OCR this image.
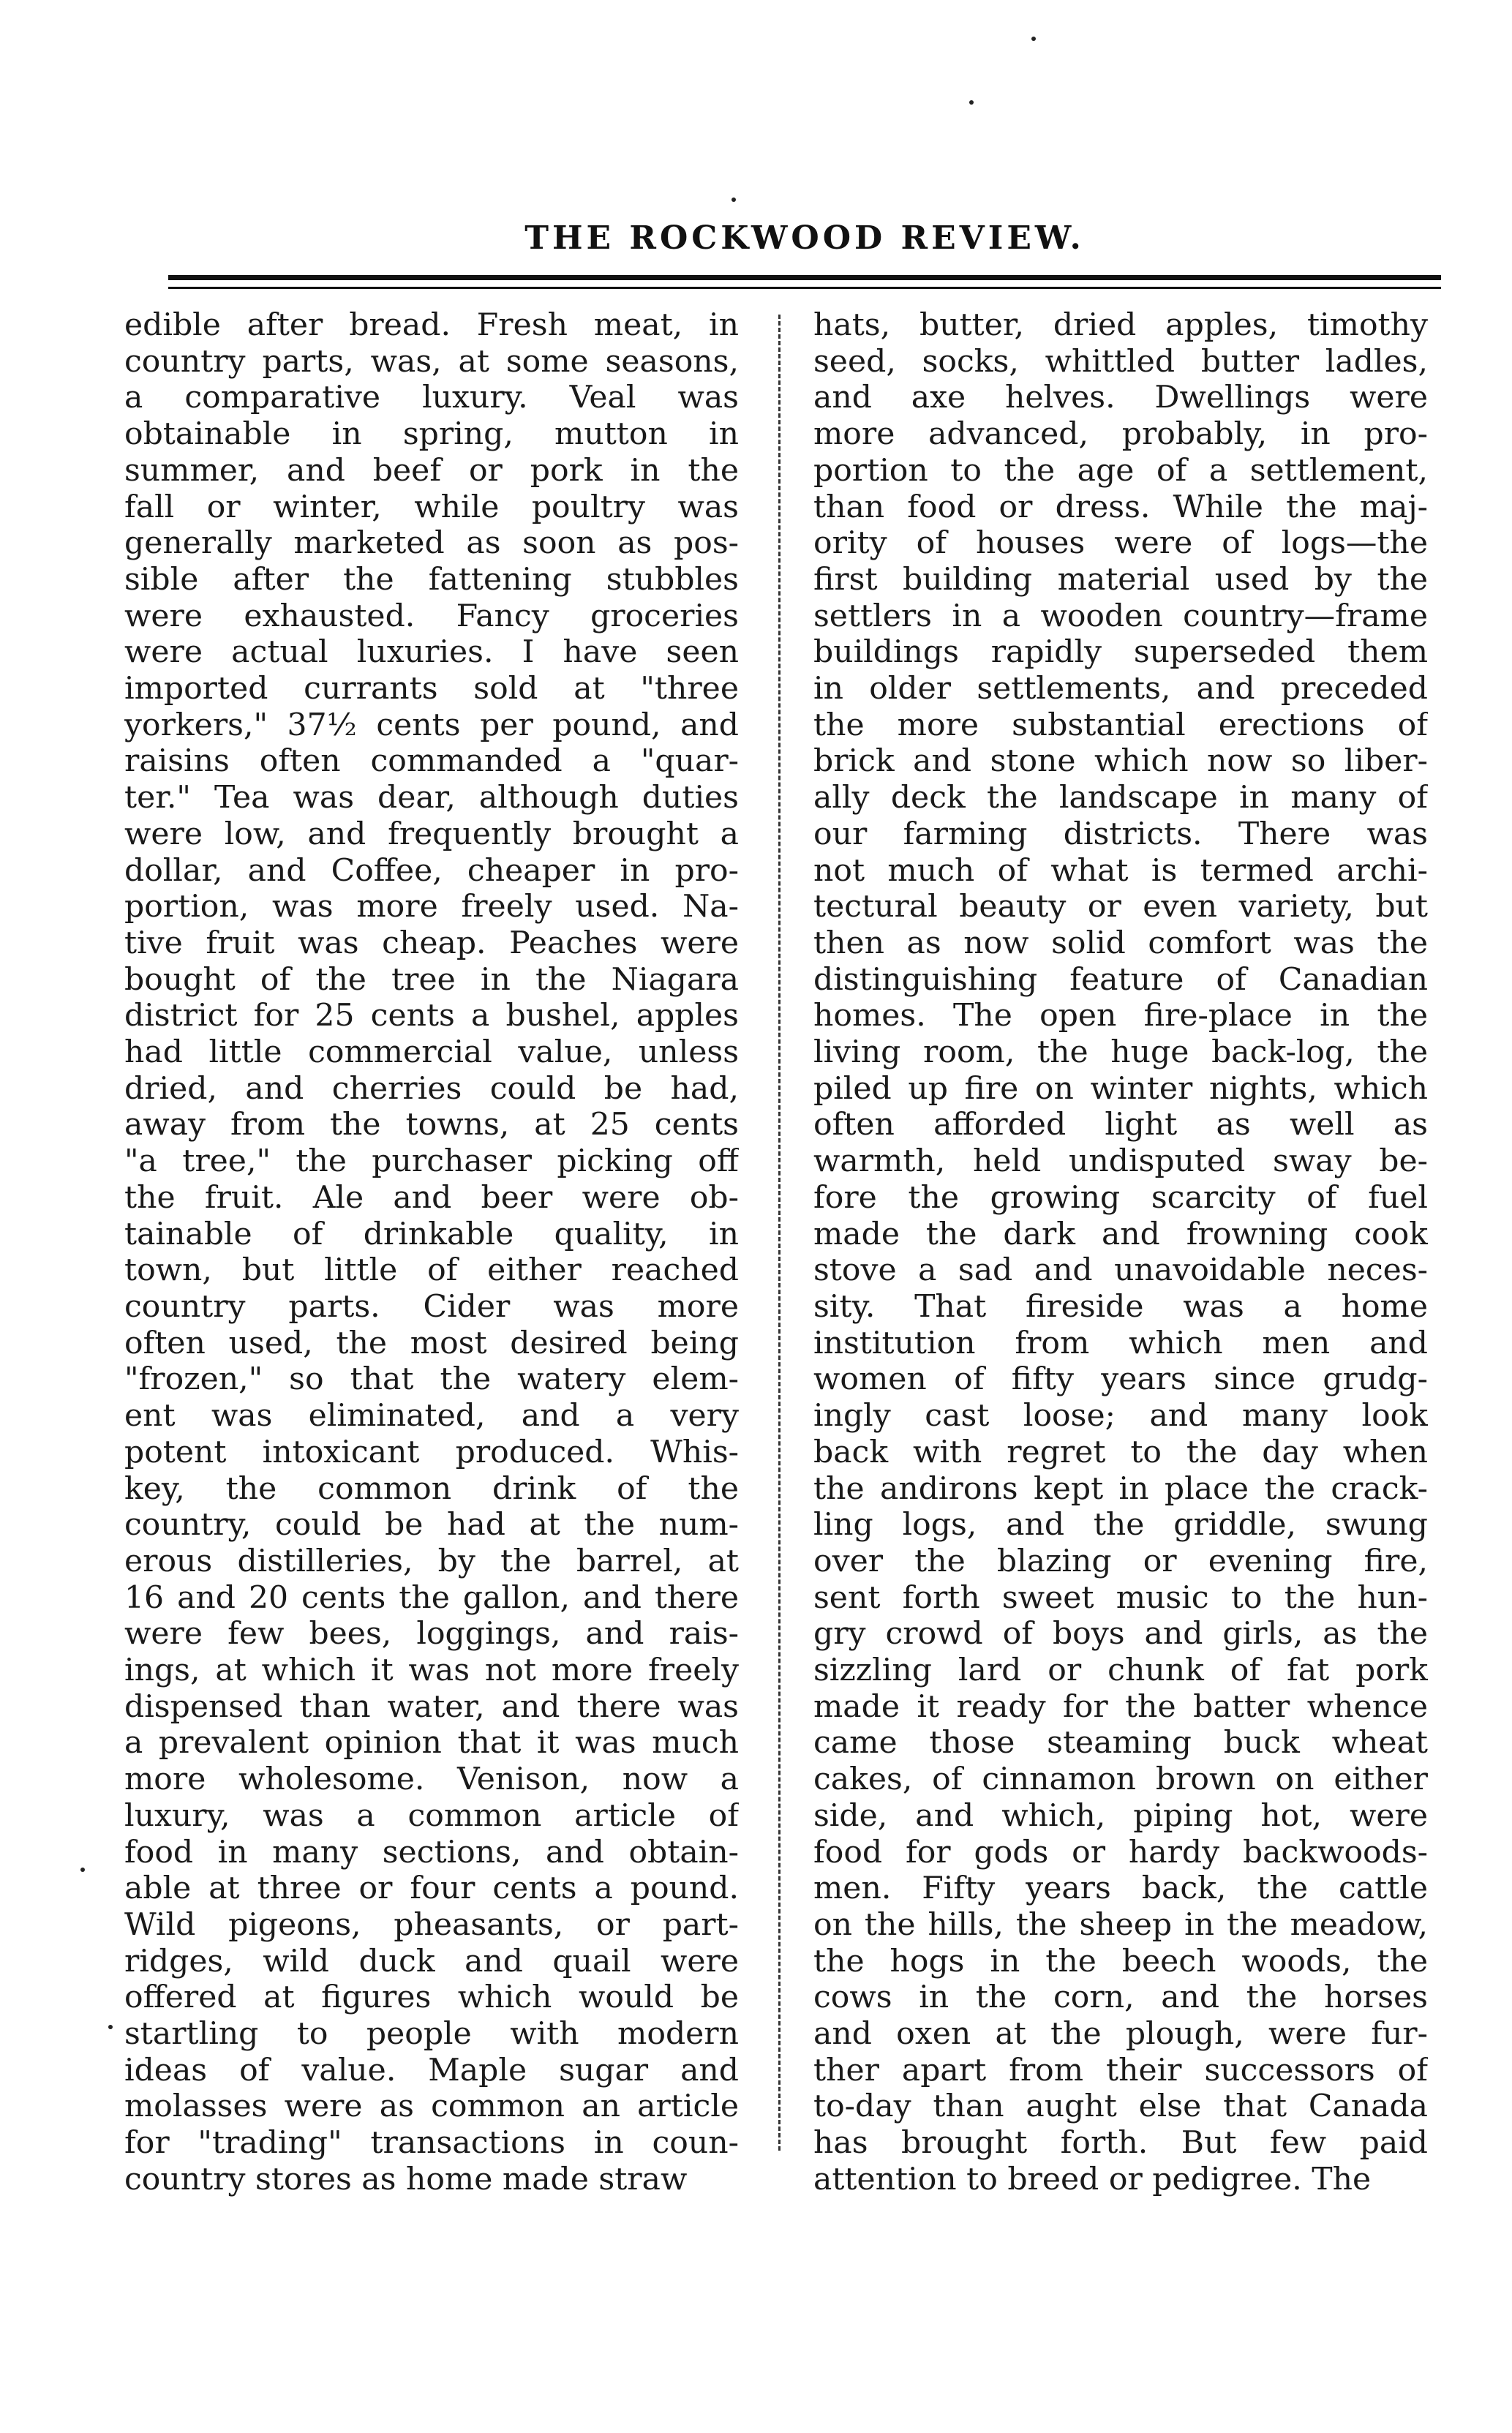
THE ROCKWOOD REVIEW.
edible after bread. Fresh meat, in
country parts, was, at some seasons,
a comparative luxury. Veal was
obtainable in spring, mutton in
summer, and beef or pork in the
fall or winter, while poultry was
generally marketed as soon as pos-
sible after the fattening stubbles
were exhausted. Fancy groceries
were actual luxuries. I have seen
imported currants sold at "three
yorkers," 37½ cents per pound, and
raisins often commanded a "quar-
ter." Tea was dear, although duties
were low, and frequently brought a
dollar, and Coffee, cheaper in pro-
portion, was more freely used. Na-
tive fruit was cheap. Peaches were
bought of the tree in the Niagara
district for 25 cents a bushel, apples
had little commercial value, unless
dried, and cherries could be had,
away from the towns, at 25 cents
"a tree," the purchaser picking off
the fruit. Ale and beer were ob-
tainable of drinkable quality, in
town, but little of either reached
country parts. Cider was more
often used, the most desired being
"frozen," so that the watery elem-
ent was eliminated, and a very
potent intoxicant produced. Whis-
key, the common drink of the
country, could be had at the num-
erous distilleries, by the barrel, at
16 and 20 cents the gallon, and there
were few bees, loggings, and rais-
ings, at which it was not more freely
dispensed than water, and there was
a prevalent opinion that it was much
more wholesome. Venison, now a
luxury, was a common article of
food in many sections, and obtain-
able at three or four cents a pound.
Wild pigeons, pheasants, or part-
ridges, wild duck and quail were
offered at figures which would be
startling to people with modern
ideas of value. Maple sugar and
molasses were as common an article
for "trading" transactions in coun-
country stores as home made straw
hats, butter, dried apples, timothy
seed, socks, whittled butter ladles,
and axe helves. Dwellings were
more advanced, probably, in pro-
portion to the age of a settlement,
than food or dress. While the maj-
ority of houses were of logs—the
first building material used by the
settlers in a wooden country—frame
buildings rapidly superseded them
in older settlements, and preceded
the more substantial erections of
brick and stone which now so liber-
ally deck the landscape in many of
our farming districts. There was
not much of what is termed archi-
tectural beauty or even variety, but
then as now solid comfort was the
distinguishing feature of Canadian
homes. The open fire-place in the
living room, the huge back-log, the
piled up fire on winter nights, which
often afforded light as well as
warmth, held undisputed sway be-
fore the growing scarcity of fuel
made the dark and frowning cook
stove a sad and unavoidable neces-
sity. That fireside was a home
institution from which men and
women of fifty years since grudg-
ingly cast loose; and many look
back with regret to the day when
the andirons kept in place the crack-
ling logs, and the griddle, swung
over the blazing or evening fire,
sent forth sweet music to the hun-
gry crowd of boys and girls, as the
sizzling lard or chunk of fat pork
made it ready for the batter whence
came those steaming buck wheat
cakes, of cinnamon brown on either
side, and which, piping hot, were
food for gods or hardy backwoods-
men. Fifty years back, the cattle
on the hills, the sheep in the meadow,
the hogs in the beech woods, the
cows in the corn, and the horses
and oxen at the plough, were fur-
ther apart from their successors of
to-day than aught else that Canada
has brought forth. But few paid
attention to breed or pedigree. The
